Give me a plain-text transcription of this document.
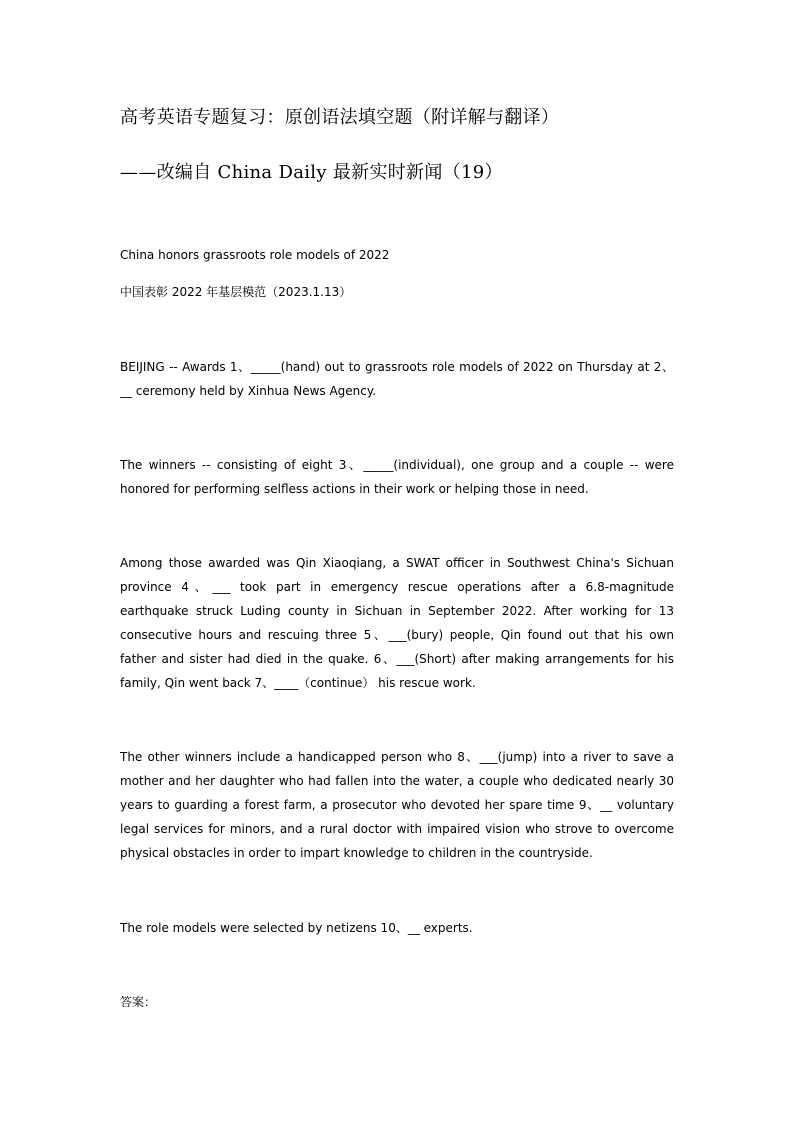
高考英语专题复习：原创语法填空题（附详解与翻译）
——改编自 China Daily 最新实时新闻（19）

China honors grassroots role models of 2022

中国表彰 2022 年基层模范（2023.1.13）

BEIJING -- Awards 1、_____(hand) out to grassroots role models of 2022 on Thursday at 2、__ ceremony held by Xinhua News Agency.

The winners -- consisting of eight 3、_____(individual), one group and a couple -- were honored for performing selfless actions in their work or helping those in need.

Among those awarded was Qin Xiaoqiang, a SWAT officer in Southwest China's Sichuan province 4、___ took part in emergency rescue operations after a 6.8-magnitude earthquake struck Luding county in Sichuan in September 2022. After working for 13 consecutive hours and rescuing three 5、___(bury) people, Qin found out that his own father and sister had died in the quake. 6、___(Short) after making arrangements for his family, Qin went back 7、____（continue） his rescue work.

The other winners include a handicapped person who 8、___(jump) into a river to save a mother and her daughter who had fallen into the water, a couple who dedicated nearly 30 years to guarding a forest farm, a prosecutor who devoted her spare time 9、__ voluntary legal services for minors, and a rural doctor with impaired vision who strove to overcome physical obstacles in order to impart knowledge to children in the countryside.

The role models were selected by netizens 10、__ experts.

答案：
